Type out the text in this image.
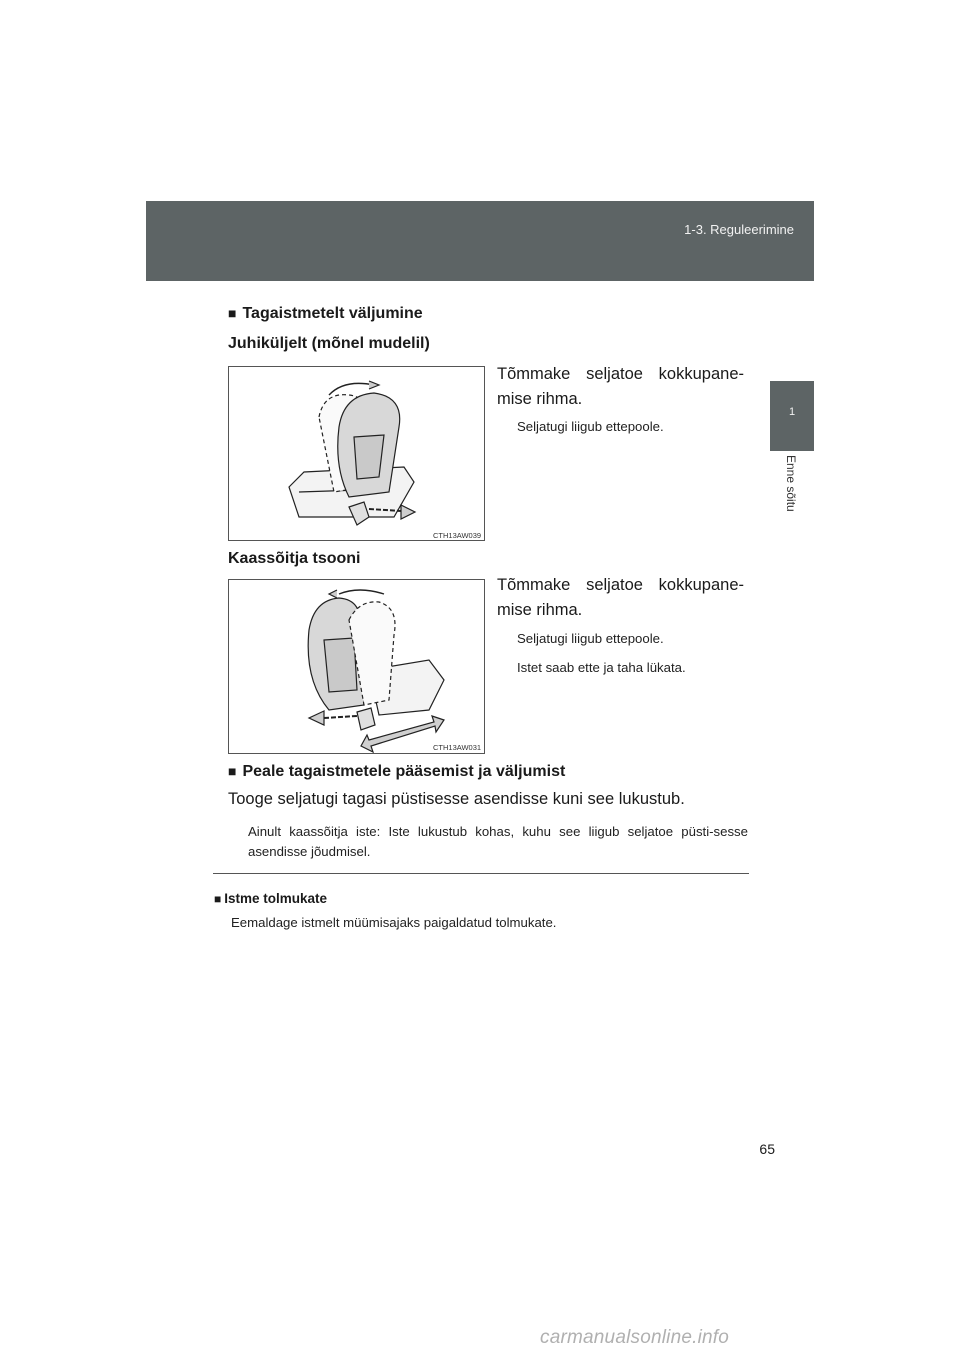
1-3. Reguleerimine
1
Enne sõitu
■ Tagaistmetelt väljumine
Juhiküljelt (mõnel mudelil)
CTH13AW039
Tõmmake seljatoe kokkupane-mise rihma.
Seljatugi liigub ettepoole.
Kaassõitja tsooni
CTH13AW031
Tõmmake seljatoe kokkupane-mise rihma.
Seljatugi liigub ettepoole.
Istet saab ette ja taha lükata.
■ Peale tagaistmetele pääsemist ja väljumist
Tooge seljatugi tagasi püstisesse asendisse kuni see lukustub.
Ainult kaassõitja iste: Iste lukustub kohas, kuhu see liigub seljatoe püsti-sesse asendisse jõudmisel.
■ Istme tolmukate
Eemaldage istmelt müümisajaks paigaldatud tolmukate.
65
carmanualsonline.info
